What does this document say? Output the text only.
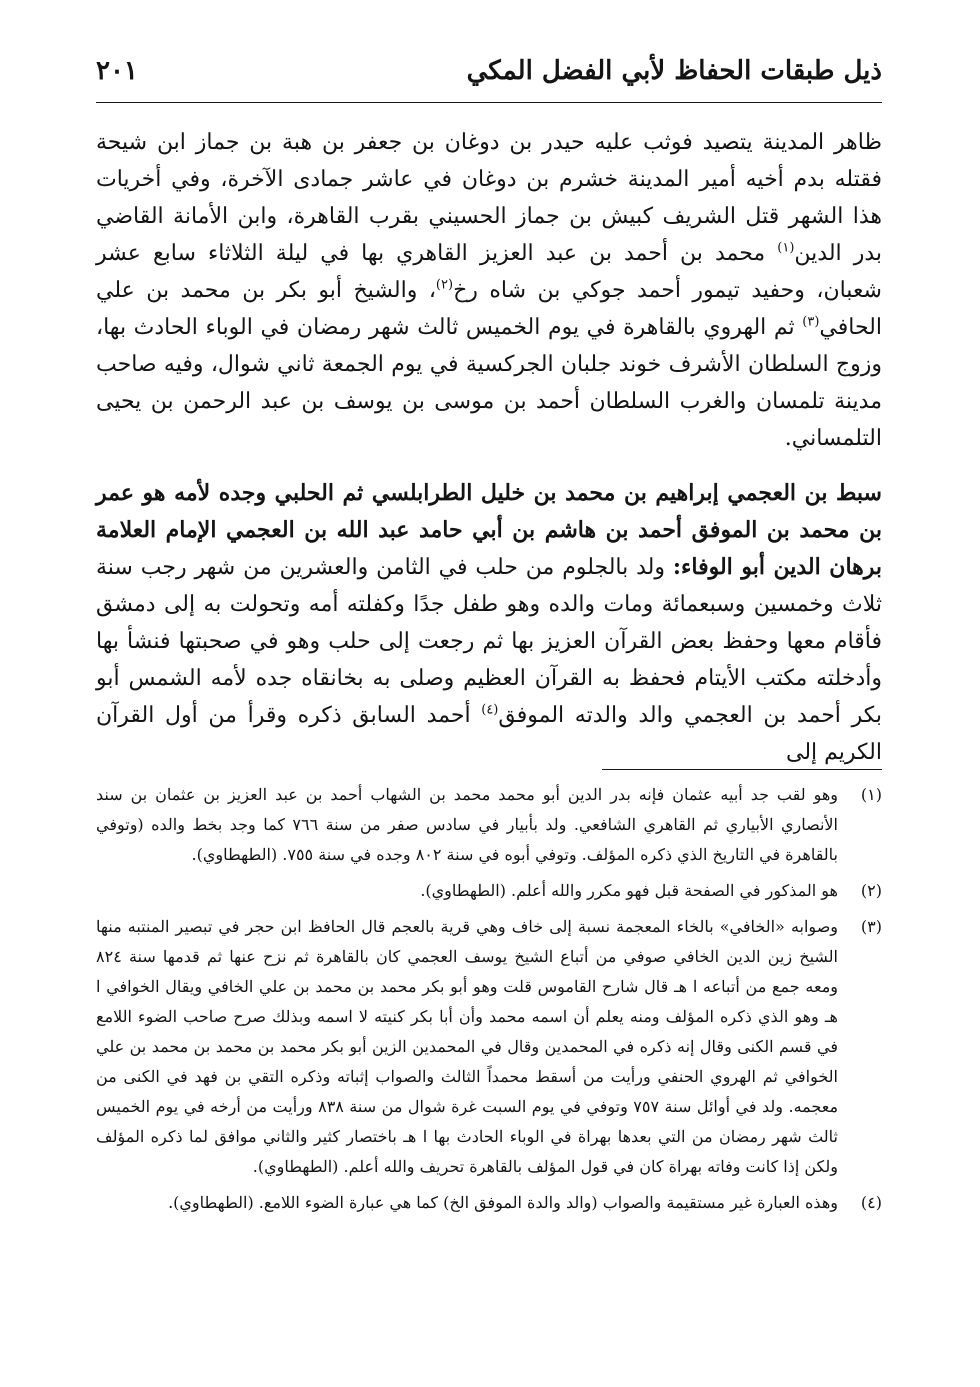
ذيل طبقات الحفاظ لأبي الفضل المكي
٢٠١

ظاهر المدينة يتصيد فوثب عليه حيدر بن دوغان بن جعفر بن هبة بن جماز ابن شيحة فقتله بدم أخيه أمير المدينة خشرم بن دوغان في عاشر جمادى الآخرة، وفي أخريات هذا الشهر قتل الشريف كبيش بن جماز الحسيني بقرب القاهرة، وابن الأمانة القاضي بدر الدين$^{(١)}$ محمد بن أحمد بن عبد العزيز القاهري بها في ليلة الثلاثاء سابع عشر شعبان، وحفيد تيمور أحمد جوكي بن شاه رخ$^{(٢)}$، والشيخ أبو بكر بن محمد بن علي الحافي$^{(٣)}$ ثم الهروي بالقاهرة في يوم الخميس ثالث شهر رمضان في الوباء الحادث بها، وزوج السلطان الأشرف خوند جلبان الجركسية في يوم الجمعة ثاني شوال، وفيه صاحب مدينة تلمسان والغرب السلطان أحمد بن موسى بن يوسف بن عبد الرحمن بن يحيى التلمساني.

سبط بن العجمي إبراهيم بن محمد بن خليل الطرابلسي ثم الحلبي وجده لأمه هو عمر بن محمد بن الموفق أحمد بن هاشم بن أبي حامد عبد الله بن العجمي الإمام العلامة برهان الدين أبو الوفاء: ولد بالجلوم من حلب في الثامن والعشرين من شهر رجب سنة ثلاث وخمسين وسبعمائة ومات والده وهو طفل جدًا وكفلته أمه وتحولت به إلى دمشق فأقام معها وحفظ بعض القرآن العزيز بها ثم رجعت إلى حلب وهو في صحبتها فنشأ بها وأدخلته مكتب الأيتام فحفظ به القرآن العظيم وصلى به بخانقاه جده لأمه الشمس أبو بكر أحمد بن العجمي والد والدته الموفق$^{(٤)}$ أحمد السابق ذكره وقرأ من أول القرآن الكريم إلى

(١)
وهو لقب جد أبيه عثمان فإنه بدر الدين أبو محمد محمد بن الشهاب أحمد بن عبد العزيز بن عثمان بن سند الأنصاري الأبياري ثم القاهري الشافعي. ولد بأبيار في سادس صفر من سنة ٧٦٦ كما وجد بخط والده (وتوفي بالقاهرة في التاريخ الذي ذكره المؤلف. وتوفي أبوه في سنة ٨٠٢ وجده في سنة ٧٥٥. (الطهطاوي).
(٢)
هو المذكور في الصفحة قبل فهو مكرر والله أعلم. (الطهطاوي).
(٣)
وصوابه «الخافي» بالخاء المعجمة نسبة إلى خاف وهي قرية بالعجم قال الحافظ ابن حجر في تبصير المنتبه منها الشيخ زين الدين الخافي صوفي من أتباع الشيخ يوسف العجمي كان بالقاهرة ثم نزح عنها ثم قدمها سنة ٨٢٤ ومعه جمع من أتباعه ا هـ قال شارح القاموس قلت وهو أبو بكر محمد بن محمد بن علي الخافي ويقال الخوافي ا هـ وهو الذي ذكره المؤلف ومنه يعلم أن اسمه محمد وأن أبا بكر كنيته لا اسمه وبذلك صرح صاحب الضوء اللامع في قسم الكنى وقال إنه ذكره في المحمدين وقال في المحمدين الزين أبو بكر محمد بن محمد بن محمد بن علي الخوافي ثم الهروي الحنفي ورأيت من أسقط محمداً الثالث والصواب إثباته وذكره التقي بن فهد في الكنى من معجمه. ولد في أوائل سنة ٧٥٧ وتوفي في يوم السبت غرة شوال من سنة ٨٣٨ ورأيت من أرخه في يوم الخميس ثالث شهر رمضان من التي بعدها بهراة في الوباء الحادث بها ا هـ باختصار كثير والثاني موافق لما ذكره المؤلف ولكن إذا كانت وفاته بهراة كان في قول المؤلف بالقاهرة تحريف والله أعلم. (الطهطاوي).
(٤)
وهذه العبارة غير مستقيمة والصواب (والد والدة الموفق الخ) كما هي عبارة الضوء اللامع. (الطهطاوي).
